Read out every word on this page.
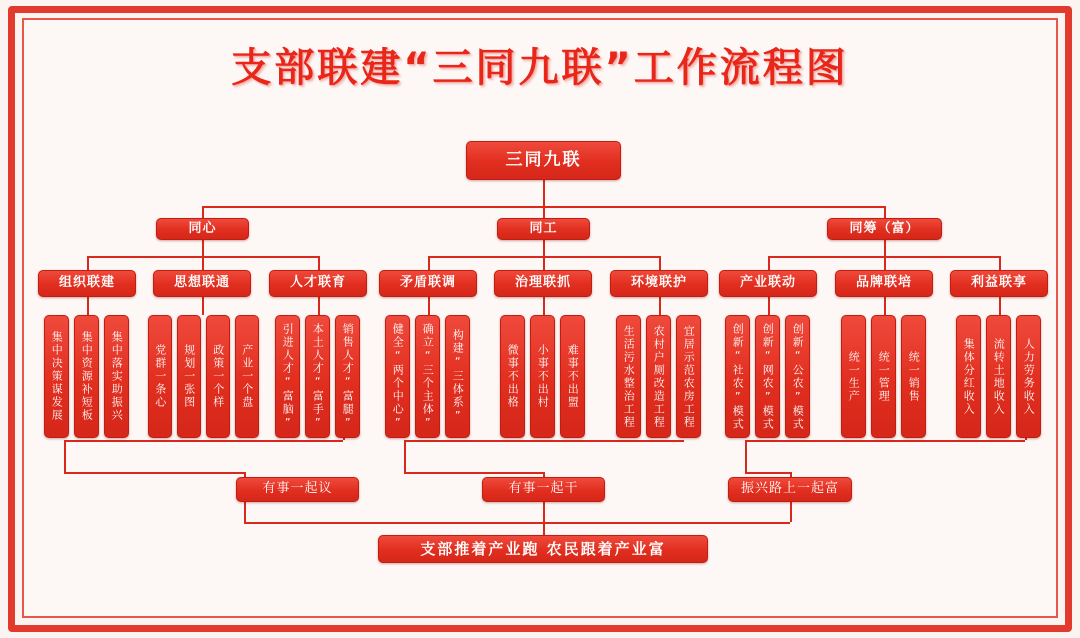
支部联建“三同九联”工作流程图
三同九联
同心	同工	同筹（富）
组织联建	思想联通	人才联育	矛盾联调	治理联抓	环境联护	产业联动	品牌联培	利益联享
集中决策谋发展	集中资源补短板	集中落实助振兴	党群一条心	规划一张图	政策一个样	产业一个盘	引进人才“富脑”	本土人才“富手”	销售人才“富腿”	健全“两个中心”	确立“三个主体”	构建“三体系”	微事不出格	小事不出村	难事不出盟	生活污水整治工程	农村户厕改造工程	宜居示范农房工程	创新“社农”模式	创新“网农”模式	创新“公农”模式	统一生产	统一管理	统一销售	集体分红收入	流转土地收入	人力劳务收入
有事一起议	有事一起干	振兴路上一起富
支部推着产业跑 农民跟着产业富
